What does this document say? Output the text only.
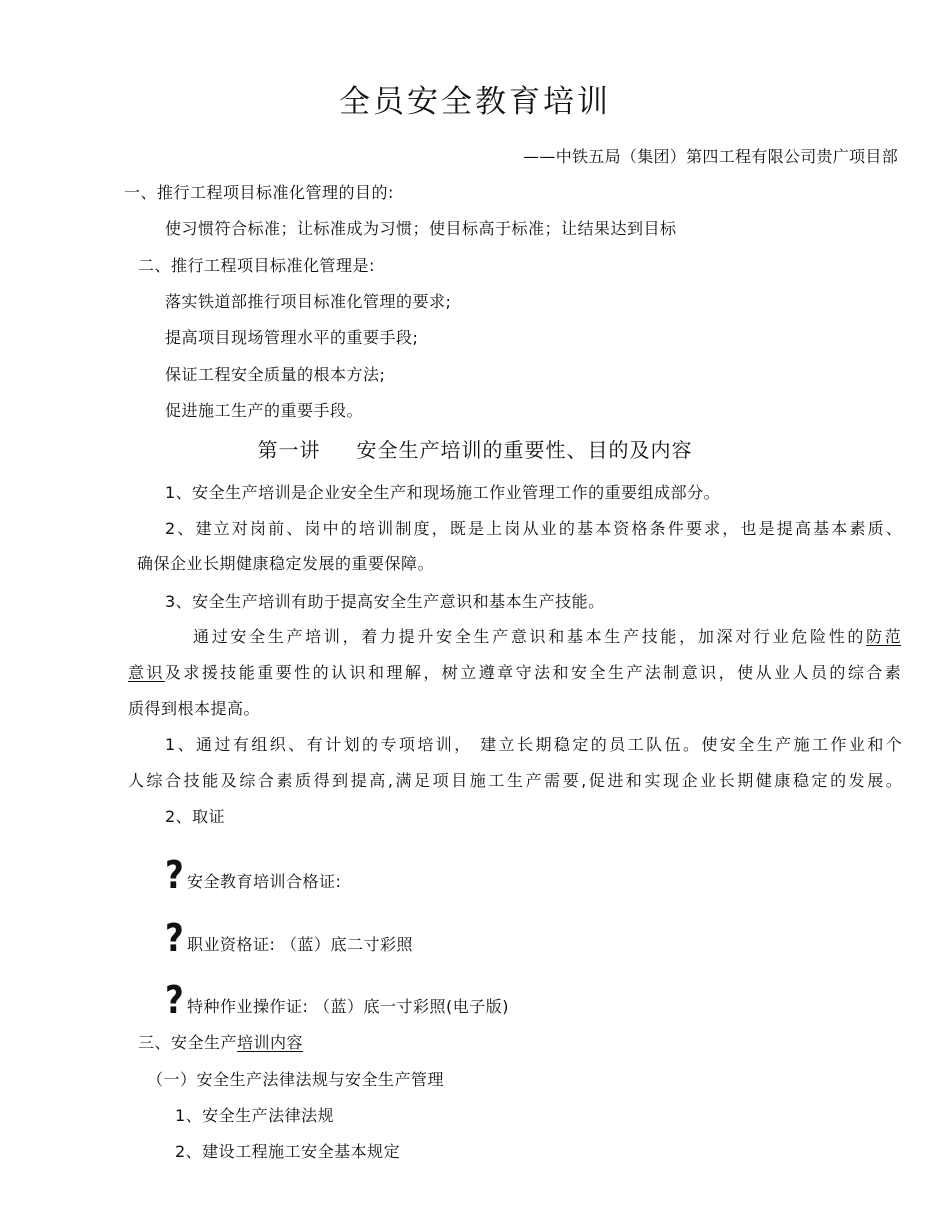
全员安全教育培训
——中铁五局（集团）第四工程有限公司贵广项目部
一、推行工程项目标准化管理的目的:
使习惯符合标准；让标准成为习惯；使目标高于标准；让结果达到目标
二、推行工程项目标准化管理是:
落实铁道部推行项目标准化管理的要求;
提高项目现场管理水平的重要手段;
保证工程安全质量的根本方法;
促进施工生产的重要手段。
第一讲 安全生产培训的重要性、目的及内容
1、安全生产培训是企业安全生产和现场施工作业管理工作的重要组成部分。
2、建立对岗前、岗中的培训制度，既是上岗从业的基本资格条件要求，也是提高基本素质、
确保企业长期健康稳定发展的重要保障。
3、安全生产培训有助于提高安全生产意识和基本生产技能。
通过安全生产培训，着力提升安全生产意识和基本生产技能，加深对行业危险性的防范
意识及求援技能重要性的认识和理解，树立遵章守法和安全生产法制意识，使从业人员的综合素
质得到根本提高。
1、通过有组织、有计划的专项培训， 建立长期稳定的员工队伍。使安全生产施工作业和个
人综合技能及综合素质得到提高,满足项目施工生产需要,促进和实现企业长期健康稳定的发展。
2、取证
? 安全教育培训合格证:
? 职业资格证: （蓝）底二寸彩照
? 特种作业操作证: （蓝）底一寸彩照(电子版)
三、安全生产培训内容
（一）安全生产法律法规与安全生产管理
1、安全生产法律法规
2、建设工程施工安全基本规定
